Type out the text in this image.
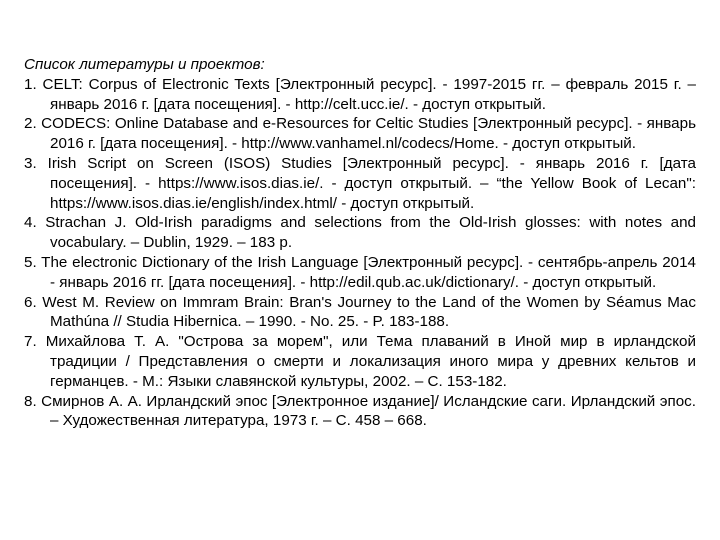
Список литературы и проектов:

1. CELT: Corpus of Electronic Texts [Электронный ресурс]. - 1997-2015 гг. – февраль 2015 г. – январь 2016 г. [дата посещения]. - http://celt.ucc.ie/. - доступ открытый.
2. CODECS: Online Database and e-Resources for Celtic Studies [Электронный ресурс]. - январь 2016 г. [дата посещения]. - http://www.vanhamel.nl/codecs/Home. - доступ открытый.
3. Irish Script on Screen (ISOS) Studies [Электронный ресурс]. - январь 2016 г. [дата посещения]. - https://www.isos.dias.ie/. - доступ открытый. – “the Yellow Book of Lecan": https://www.isos.dias.ie/english/index.html/ - доступ открытый.
4. Strachan J. Old-Irish paradigms and selections from the Old-Irish glosses: with notes and vocabulary. – Dublin, 1929. – 183 p.
5. The electronic Dictionary of the Irish Language [Электронный ресурс]. - сентябрь-апрель 2014 - январь 2016 гг. [дата посещения]. - http://edil.qub.ac.uk/dictionary/. - доступ открытый.
6. West M. Review on Immram Brain: Bran's Journey to the Land of the Women by Séamus Mac Mathúna // Studia Hibernica. – 1990. - No. 25. - P. 183-188.
7. Михайлова Т. А. "Острова за морем", или Тема плаваний в Иной мир в ирландской традиции / Представления о смерти и локализация иного мира у древних кельтов и германцев. - М.: Языки славянской культуры, 2002. – С. 153-182.
8. Смирнов А. А. Ирландский эпос [Электронное издание]/ Исландские саги. Ирландский эпос. – Художественная литература, 1973 г. – С. 458 – 668.
